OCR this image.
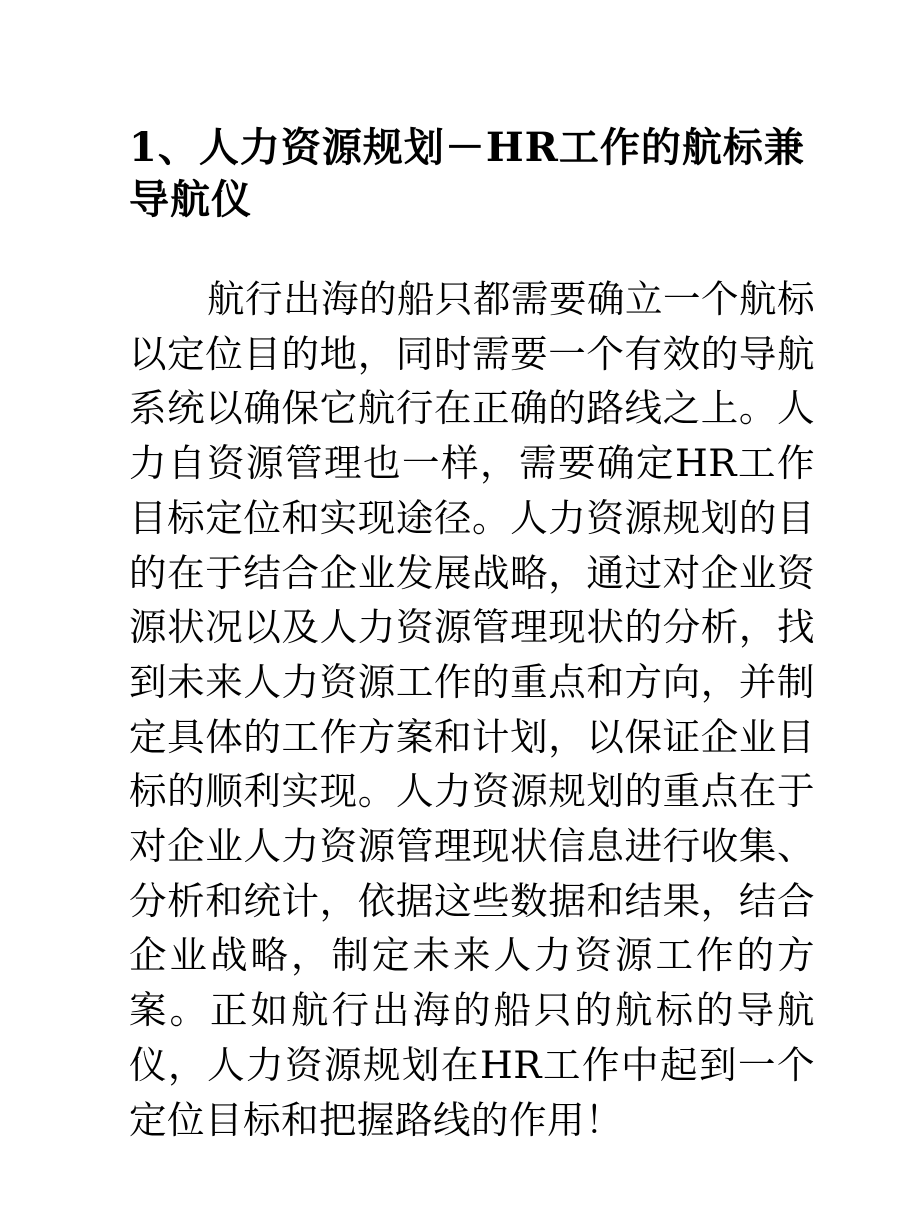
1、人力资源规划－HR工作的航标兼导航仪

航行出海的船只都需要确立一个航标以定位目的地，同时需要一个有效的导航系统以确保它航行在正确的路线之上。人力自资源管理也一样，需要确定HR工作目标定位和实现途径。人力资源规划的目的在于结合企业发展战略，通过对企业资源状况以及人力资源管理现状的分析，找到未来人力资源工作的重点和方向，并制定具体的工作方案和计划，以保证企业目标的顺利实现。人力资源规划的重点在于对企业人力资源管理现状信息进行收集、分析和统计，依据这些数据和结果，结合企业战略，制定未来人力资源工作的方案。正如航行出海的船只的航标的导航仪，人力资源规划在HR工作中起到一个定位目标和把握路线的作用！
